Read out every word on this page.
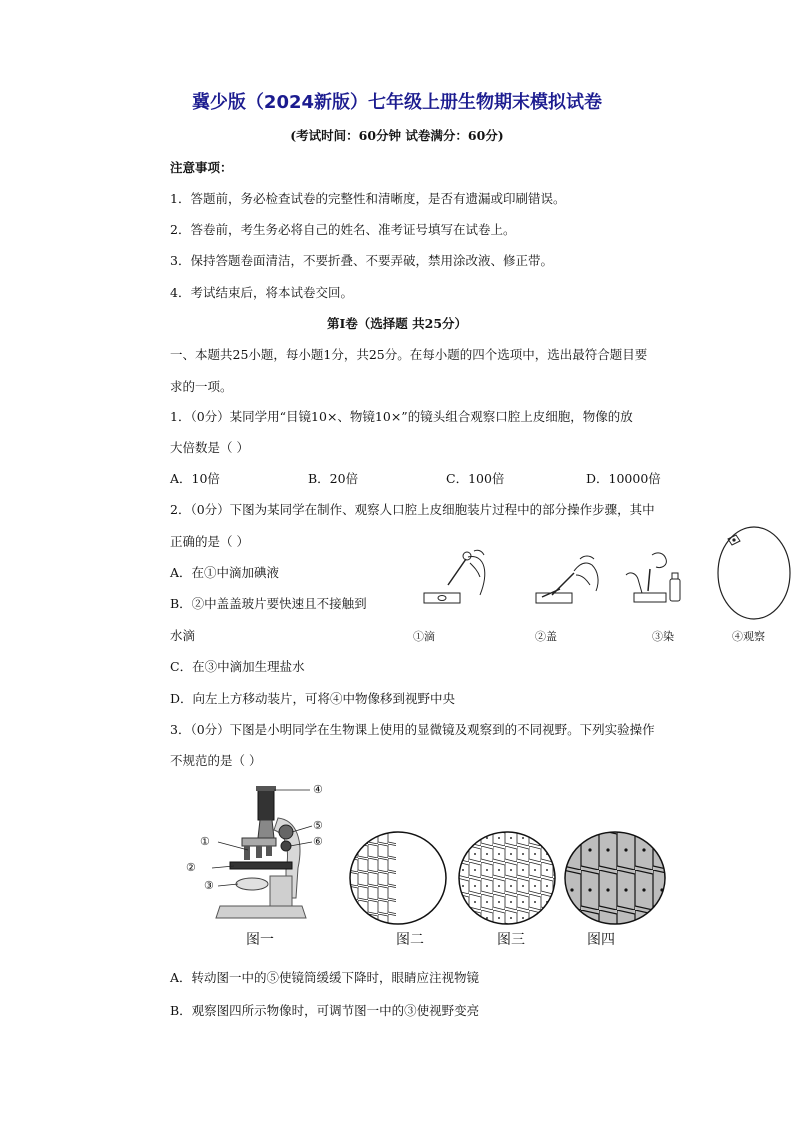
冀少版（2024新版）七年级上册生物期末模拟试卷
(考试时间：60分钟 试卷满分：60分)
注意事项：
1．答题前，务必检查试卷的完整性和清晰度，是否有遗漏或印刷错误。
2．答卷前，考生务必将自己的姓名、准考证号填写在试卷上。
3．保持答题卷面清洁，不要折叠、不要弄破，禁用涂改液、修正带。
4．考试结束后，将本试卷交回。
第Ⅰ卷（选择题 共25分）
一、本题共25小题，每小题1分，共25分。在每小题的四个选项中，选出最符合题目要
求的一项。
1．（0分）某同学用“目镜10×、物镜10×”的镜头组合观察口腔上皮细胞，物像的放
大倍数是（ ）
A．10倍	B．20倍	C．100倍	D．10000倍
2．（0分）下图为某同学在制作、观察人口腔上皮细胞装片过程中的部分操作步骤，其中
正确的是（ ）
A．在①中滴加碘液
B．②中盖盖玻片要快速且不接触到
水滴
C．在③中滴加生理盐水
D．向左上方移动装片，可将④中物像移到视野中央
①滴	②盖	③染	④观察
3．（0分）下图是小明同学在生物课上使用的显微镜及观察到的不同视野。下列实验操作
不规范的是（ ）
④
⑤
⑥
①
②
③
图一	图二	图三	图四
A．转动图一中的⑤使镜筒缓缓下降时，眼睛应注视物镜
B．观察图四所示物像时，可调节图一中的③使视野变亮
